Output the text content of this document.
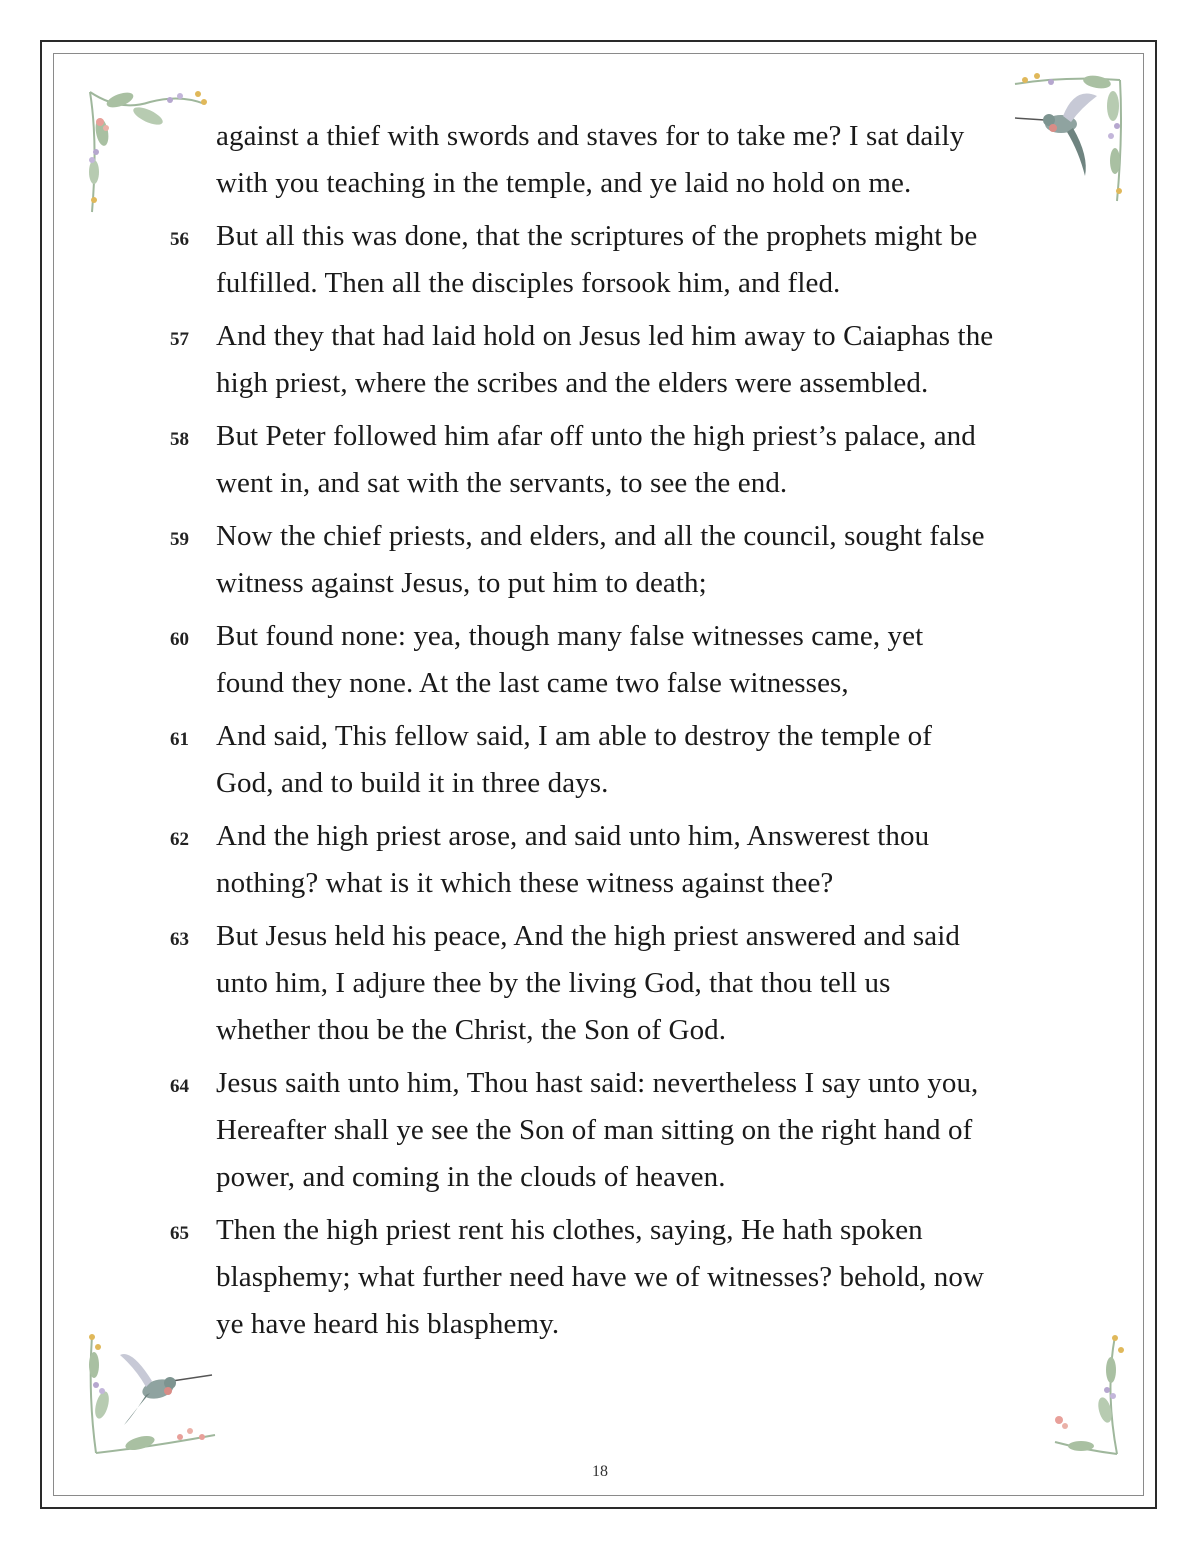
against a thief with swords and staves for to take me? I sat daily
with you teaching in the temple, and ye laid no hold on me.
56 But all this was done, that the scriptures of the prophets might be
fulfilled. Then all the disciples forsook him, and fled.
57 And they that had laid hold on Jesus led him away to Caiaphas the
high priest, where the scribes and the elders were assembled.
58 But Peter followed him afar off unto the high priest’s palace, and
went in, and sat with the servants, to see the end.
59 Now the chief priests, and elders, and all the council, sought false
witness against Jesus, to put him to death;
60 But found none: yea, though many false witnesses came, yet
found they none. At the last came two false witnesses,
61 And said, This fellow said, I am able to destroy the temple of
God, and to build it in three days.
62 And the high priest arose, and said unto him, Answerest thou
nothing? what is it which these witness against thee?
63 But Jesus held his peace, And the high priest answered and said
unto him, I adjure thee by the living God, that thou tell us
whether thou be the Christ, the Son of God.
64 Jesus saith unto him, Thou hast said: nevertheless I say unto you,
Hereafter shall ye see the Son of man sitting on the right hand of
power, and coming in the clouds of heaven.
65 Then the high priest rent his clothes, saying, He hath spoken
blasphemy; what further need have we of witnesses? behold, now
ye have heard his blasphemy.
18
